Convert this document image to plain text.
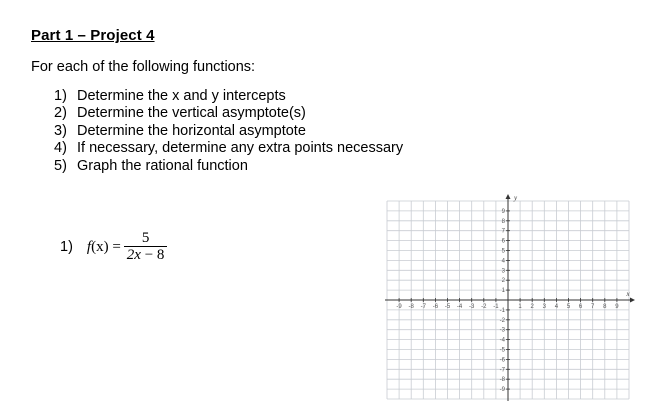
Part 1 – Project 4
For each of the following functions:
1) Determine the x and y intercepts
2) Determine the vertical asymptote(s)
3) Determine the horizontal asymptote
4) If necessary, determine any extra points necessary
5) Graph the rational function
1) f $(x) = \frac{5}{2x - 8}$
-9 -8 -7 -6 -5 -4 -3 -2 -1	1 2 3 4 5 6 7 8 9
9
8
7
6
5
4
3
2
1
-1
-2
-3
-4
-5
-6
-7
-8
-9
x
y
